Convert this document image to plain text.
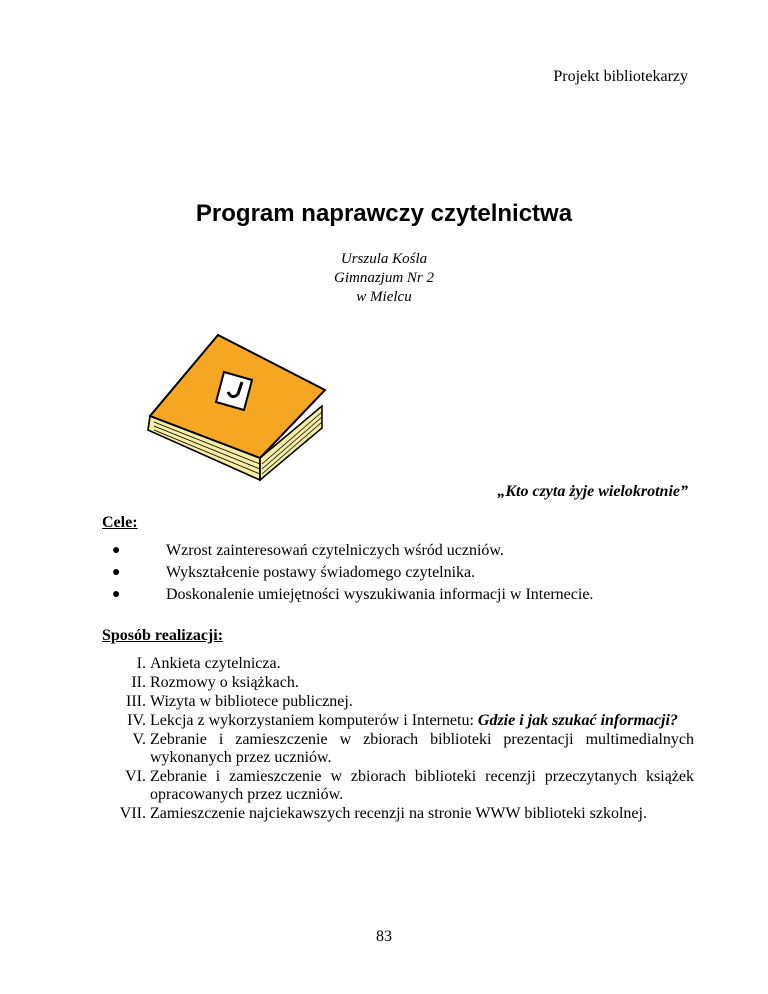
Projekt bibliotekarzy
Program naprawczy czytelnictwa
Urszula Kośla
Gimnazjum Nr 2
w Mielcu
„Kto czyta żyje wielokrotnie”
Cele:
●	Wzrost zainteresowań czytelniczych wśród uczniów.
●	Wykształcenie postawy świadomego czytelnika.
●	Doskonalenie umiejętności wyszukiwania informacji w Internecie.
Sposób realizacji:
I. Ankieta czytelnicza.
II. Rozmowy o książkach.
III. Wizyta w bibliotece publicznej.
IV. Lekcja z wykorzystaniem komputerów i Internetu: Gdzie i jak szukać informacji?
V. Zebranie i zamieszczenie w zbiorach biblioteki prezentacji multimedialnych wykonanych przez uczniów.
VI. Zebranie i zamieszczenie w zbiorach biblioteki recenzji przeczytanych książek opracowanych przez uczniów.
VII. Zamieszczenie najciekawszych recenzji na stronie WWW biblioteki szkolnej.
83
